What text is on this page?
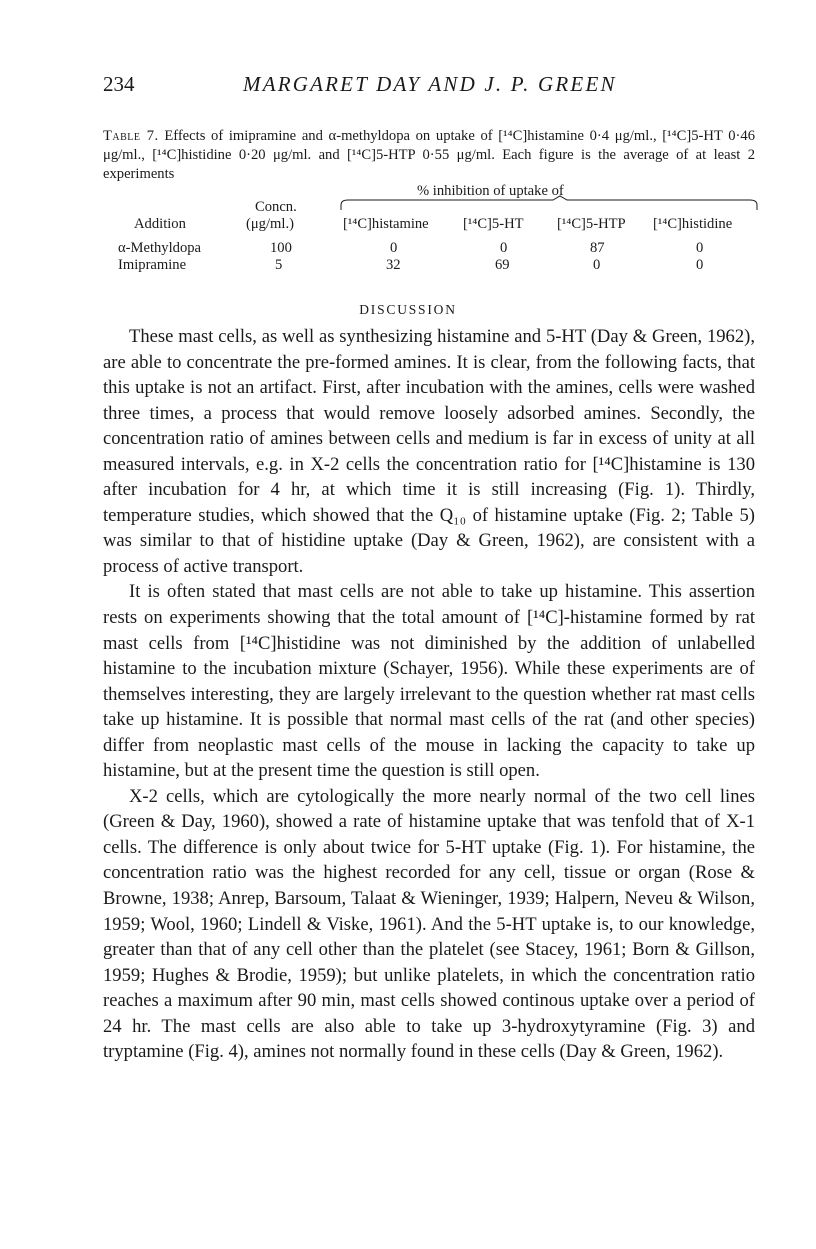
234	MARGARET DAY AND J. P. GREEN
Table 7. Effects of imipramine and α-methyldopa on uptake of [¹⁴C]histamine 0·4 μg/ml., [¹⁴C]5-HT 0·46 μg/ml., [¹⁴C]histidine 0·20 μg/ml. and [¹⁴C]5-HTP 0·55 μg/ml. Each figure is the average of at least 2 experiments
% inhibition of uptake of
Concn.
Addition	(μg/ml.)	[¹⁴C]histamine [¹⁴C]5-HT [¹⁴C]5-HTP [¹⁴C]histidine
α-Methyldopa	100	0	0	87	0
Imipramine	5	32	69	0	0
DISCUSSION

These mast cells, as well as synthesizing histamine and 5-HT (Day & Green, 1962), are able to concentrate the pre-formed amines. It is clear, from the following facts, that this uptake is not an artifact. First, after incubation with the amines, cells were washed three times, a process that would remove loosely adsorbed amines. Secondly, the concentration ratio of amines between cells and medium is far in excess of unity at all measured intervals, e.g. in X-2 cells the concentration ratio for [¹⁴C]histamine is 130 after incubation for 4 hr, at which time it is still increasing (Fig. 1). Thirdly, temperature studies, which showed that the Q₁₀ of histamine uptake (Fig. 2; Table 5) was similar to that of histidine uptake (Day & Green, 1962), are consistent with a process of active transport.

It is often stated that mast cells are not able to take up histamine. This assertion rests on experiments showing that the total amount of [¹⁴C]-histamine formed by rat mast cells from [¹⁴C]histidine was not diminished by the addition of unlabelled histamine to the incubation mixture (Schayer, 1956). While these experiments are of themselves interesting, they are largely irrelevant to the question whether rat mast cells take up histamine. It is possible that normal mast cells of the rat (and other species) differ from neoplastic mast cells of the mouse in lacking the capacity to take up histamine, but at the present time the question is still open.

X-2 cells, which are cytologically the more nearly normal of the two cell lines (Green & Day, 1960), showed a rate of histamine uptake that was tenfold that of X-1 cells. The difference is only about twice for 5-HT uptake (Fig. 1). For histamine, the concentration ratio was the highest recorded for any cell, tissue or organ (Rose & Browne, 1938; Anrep, Barsoum, Talaat & Wieninger, 1939; Halpern, Neveu & Wilson, 1959; Wool, 1960; Lindell & Viske, 1961). And the 5-HT uptake is, to our knowledge, greater than that of any cell other than the platelet (see Stacey, 1961; Born & Gillson, 1959; Hughes & Brodie, 1959); but unlike platelets, in which the concentration ratio reaches a maximum after 90 min, mast cells showed continous uptake over a period of 24 hr. The mast cells are also able to take up 3-hydroxytyramine (Fig. 3) and tryptamine (Fig. 4), amines not normally found in these cells (Day & Green, 1962).
